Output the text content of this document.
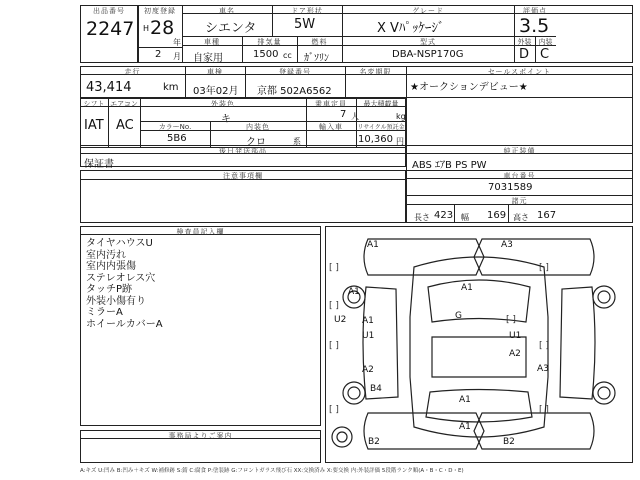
出品番号
2247
初度登録
H 28
年
2 月
車名
シエンタ
ドア形状
5W
グレード
X Vﾊﾟｯｹｰｼﾞ
評価点
3.5
車種
自家用
排気量
1500 cc
燃料
ｶﾞｿﾘﾝ
型式
DBA-NSP170G
外装	内装
D C
走行
43,414	km
車検
03年02月
登録番号
京都 502A6562
名変期限	セールスポイント
★オークションデビュー★
シフト
IAT
エアコン
AC
外装色
キ
乗車定員
7 人
最大積載量
kg
カラーNo.
5B6
内装色
クロ	系
輸入車	リサイクル預託金
10,360 円
後日発送部品
保証書
純正装備
ABS ｴｱB PS PW
車台番号
7031589
諸元
長さ 423 幅 169 高さ 167
注意事項欄
検査員記入欄
タイヤハウスU
室内汚れ
室内内張傷
ステレオレス穴
タッチP跡
外装小傷有り
ミラーA
ホイールカバーA
事務局よりご案内
A1	A3
A1	A1
G
U2 A1
U1	U1
A2
A2	A3
B4
A1
A1
B2	B2
[ ]	[ ]
[ ]
[ ]
[ ]	[ ]
[ ]	[ ]
A:キズ U:凹み B:凹み＋キズ W:補修跡 S:錆 C:腐食 P:塗装跡 G:フロントガラス飛び石 XX:交換済み X:要交換 内:外装評価 5段階ランク順(A・B・C・D・E)
